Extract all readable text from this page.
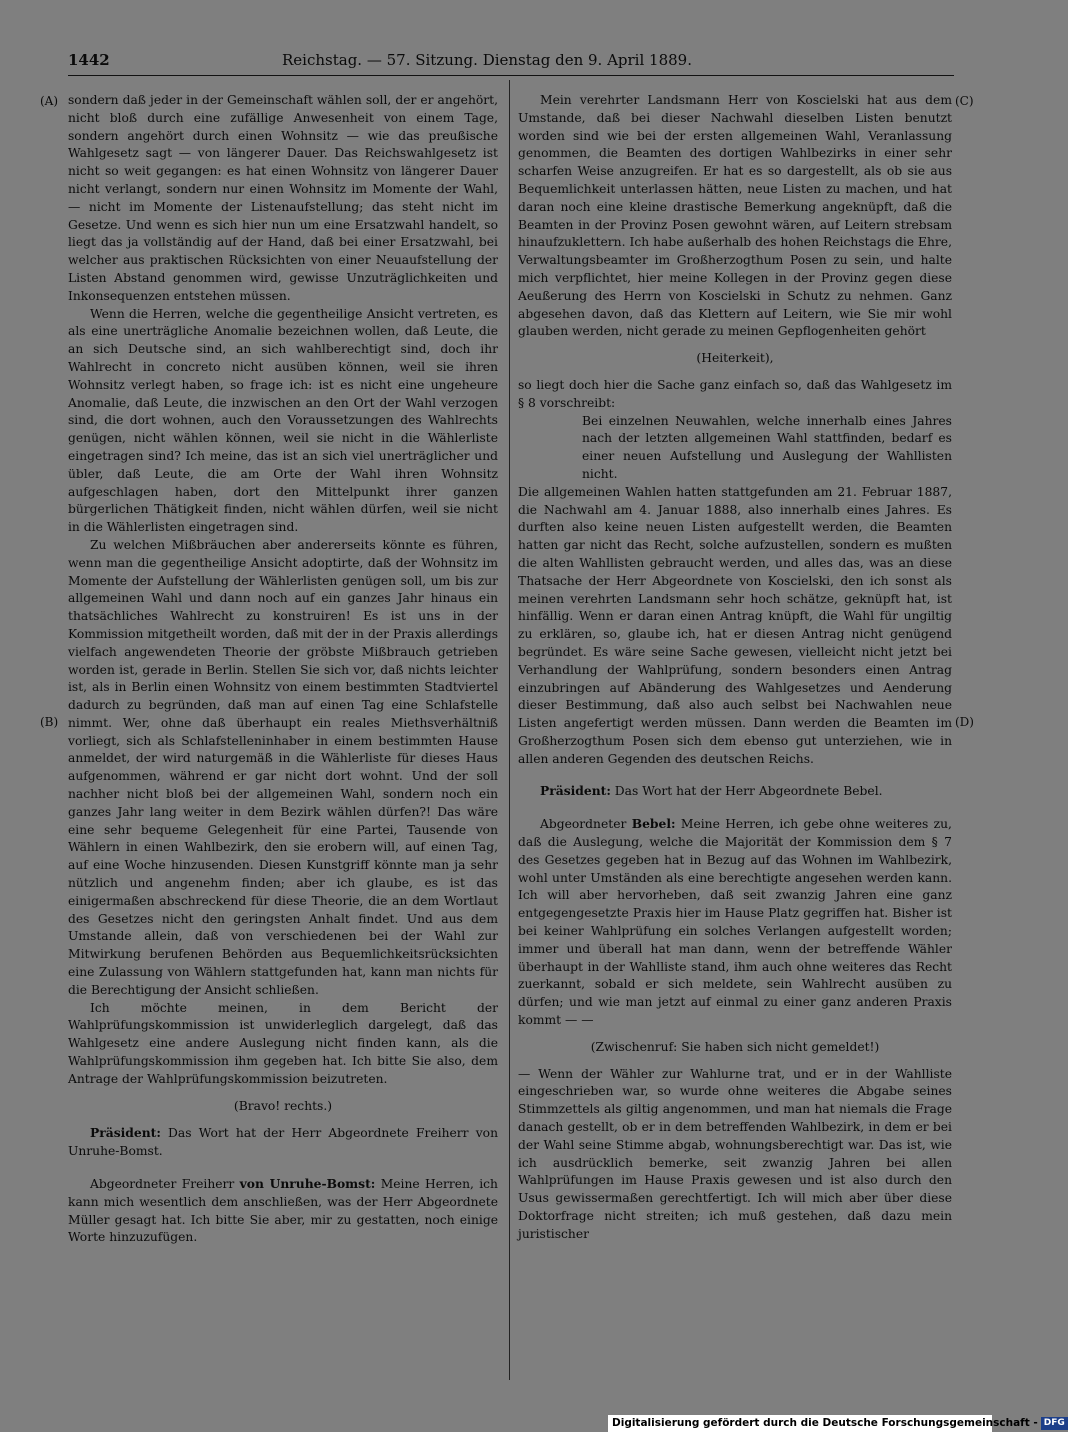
1442	Reichstag. — 57. Sitzung. Dienstag den 9. April 1889.
(A)
(B)
(C)
(D)

sondern daß jeder in der Gemeinschaft wählen soll, der er angehört, nicht bloß durch eine zufällige Anwesenheit von einem Tage, sondern angehört durch einen Wohnsitz — wie das preußische Wahlgesetz sagt — von längerer Dauer. Das Reichswahlgesetz ist nicht so weit gegangen: es hat einen Wohnsitz von längerer Dauer nicht verlangt, sondern nur einen Wohnsitz im Momente der Wahl, — nicht im Momente der Listenaufstellung; das steht nicht im Gesetze. Und wenn es sich hier nun um eine Ersatzwahl handelt, so liegt das ja vollständig auf der Hand, daß bei einer Ersatzwahl, bei welcher aus praktischen Rücksichten von einer Neuaufstellung der Listen Abstand genommen wird, gewisse Unzuträglichkeiten und Inkonsequenzen entstehen müssen.

Wenn die Herren, welche die gegentheilige Ansicht vertreten, es als eine unerträgliche Anomalie bezeichnen wollen, daß Leute, die an sich Deutsche sind, an sich wahlberechtigt sind, doch ihr Wahlrecht in concreto nicht ausüben können, weil sie ihren Wohnsitz verlegt haben, so frage ich: ist es nicht eine ungeheure Anomalie, daß Leute, die inzwischen an den Ort der Wahl verzogen sind, die dort wohnen, auch den Voraussetzungen des Wahlrechts genügen, nicht wählen können, weil sie nicht in die Wählerliste eingetragen sind? Ich meine, das ist an sich viel unerträglicher und übler, daß Leute, die am Orte der Wahl ihren Wohnsitz aufgeschlagen haben, dort den Mittelpunkt ihrer ganzen bürgerlichen Thätigkeit finden, nicht wählen dürfen, weil sie nicht in die Wählerlisten eingetragen sind.

Zu welchen Mißbräuchen aber andererseits könnte es führen, wenn man die gegentheilige Ansicht adoptirte, daß der Wohnsitz im Momente der Aufstellung der Wählerlisten genügen soll, um bis zur allgemeinen Wahl und dann noch auf ein ganzes Jahr hinaus ein thatsächliches Wahlrecht zu konstruiren! Es ist uns in der Kommission mitgetheilt worden, daß mit der in der Praxis allerdings vielfach angewendeten Theorie der gröbste Mißbrauch getrieben worden ist, gerade in Berlin. Stellen Sie sich vor, daß nichts leichter ist, als in Berlin einen Wohnsitz von einem bestimmten Stadtviertel dadurch zu begründen, daß man auf einen Tag eine Schlafstelle nimmt. Wer, ohne daß überhaupt ein reales Miethsverhältniß vorliegt, sich als Schlafstelleninhaber in einem bestimmten Hause anmeldet, der wird naturgemäß in die Wählerliste für dieses Haus aufgenommen, während er gar nicht dort wohnt. Und der soll nachher nicht bloß bei der allgemeinen Wahl, sondern noch ein ganzes Jahr lang weiter in dem Bezirk wählen dürfen?! Das wäre eine sehr bequeme Gelegenheit für eine Partei, Tausende von Wählern in einen Wahlbezirk, den sie erobern will, auf einen Tag, auf eine Woche hinzusenden. Diesen Kunstgriff könnte man ja sehr nützlich und angenehm finden; aber ich glaube, es ist das einigermaßen abschreckend für diese Theorie, die an dem Wortlaut des Gesetzes nicht den geringsten Anhalt findet. Und aus dem Umstande allein, daß von verschiedenen bei der Wahl zur Mitwirkung berufenen Behörden aus Bequemlichkeitsrücksichten eine Zulassung von Wählern stattgefunden hat, kann man nichts für die Berechtigung der Ansicht schließen.

Ich möchte meinen, in dem Bericht der Wahlprüfungskommission ist unwiderleglich dargelegt, daß das Wahlgesetz eine andere Auslegung nicht finden kann, als die Wahlprüfungskommission ihm gegeben hat. Ich bitte Sie also, dem Antrage der Wahlprüfungskommission beizutreten.

(Bravo! rechts.)

Präsident: Das Wort hat der Herr Abgeordnete Freiherr von Unruhe-Bomst.

Abgeordneter Freiherr von Unruhe-Bomst: Meine Herren, ich kann mich wesentlich dem anschließen, was der Herr Abgeordnete Müller gesagt hat. Ich bitte Sie aber, mir zu gestatten, noch einige Worte hinzuzufügen.

Mein verehrter Landsmann Herr von Koscielski hat aus dem Umstande, daß bei dieser Nachwahl dieselben Listen benutzt worden sind wie bei der ersten allgemeinen Wahl, Veranlassung genommen, die Beamten des dortigen Wahlbezirks in einer sehr scharfen Weise anzugreifen. Er hat es so dargestellt, als ob sie aus Bequemlichkeit unterlassen hätten, neue Listen zu machen, und hat daran noch eine kleine drastische Bemerkung angeknüpft, daß die Beamten in der Provinz Posen gewohnt wären, auf Leitern strebsam hinaufzuklettern. Ich habe außerhalb des hohen Reichstags die Ehre, Verwaltungsbeamter im Großherzogthum Posen zu sein, und halte mich verpflichtet, hier meine Kollegen in der Provinz gegen diese Aeußerung des Herrn von Koscielski in Schutz zu nehmen. Ganz abgesehen davon, daß das Klettern auf Leitern, wie Sie mir wohl glauben werden, nicht gerade zu meinen Gepflogenheiten gehört

(Heiterkeit),

so liegt doch hier die Sache ganz einfach so, daß das Wahlgesetz im § 8 vorschreibt:

Bei einzelnen Neuwahlen, welche innerhalb eines Jahres nach der letzten allgemeinen Wahl stattfinden, bedarf es einer neuen Aufstellung und Auslegung der Wahllisten nicht.

Die allgemeinen Wahlen hatten stattgefunden am 21. Februar 1887, die Nachwahl am 4. Januar 1888, also innerhalb eines Jahres. Es durften also keine neuen Listen aufgestellt werden, die Beamten hatten gar nicht das Recht, solche aufzustellen, sondern es mußten die alten Wahllisten gebraucht werden, und alles das, was an diese Thatsache der Herr Abgeordnete von Koscielski, den ich sonst als meinen verehrten Landsmann sehr hoch schätze, geknüpft hat, ist hinfällig. Wenn er daran einen Antrag knüpft, die Wahl für ungiltig zu erklären, so, glaube ich, hat er diesen Antrag nicht genügend begründet. Es wäre seine Sache gewesen, vielleicht nicht jetzt bei Verhandlung der Wahlprüfung, sondern besonders einen Antrag einzubringen auf Abänderung des Wahlgesetzes und Aenderung dieser Bestimmung, daß also auch selbst bei Nachwahlen neue Listen angefertigt werden müssen. Dann werden die Beamten im Großherzogthum Posen sich dem ebenso gut unterziehen, wie in allen anderen Gegenden des deutschen Reichs.

Präsident: Das Wort hat der Herr Abgeordnete Bebel.

Abgeordneter Bebel: Meine Herren, ich gebe ohne weiteres zu, daß die Auslegung, welche die Majorität der Kommission dem § 7 des Gesetzes gegeben hat in Bezug auf das Wohnen im Wahlbezirk, wohl unter Umständen als eine berechtigte angesehen werden kann. Ich will aber hervorheben, daß seit zwanzig Jahren eine ganz entgegengesetzte Praxis hier im Hause Platz gegriffen hat. Bisher ist bei keiner Wahlprüfung ein solches Verlangen aufgestellt worden; immer und überall hat man dann, wenn der betreffende Wähler überhaupt in der Wahlliste stand, ihm auch ohne weiteres das Recht zuerkannt, sobald er sich meldete, sein Wahlrecht ausüben zu dürfen; und wie man jetzt auf einmal zu einer ganz anderen Praxis kommt — —

(Zwischenruf: Sie haben sich nicht gemeldet!)

— Wenn der Wähler zur Wahlurne trat, und er in der Wahlliste eingeschrieben war, so wurde ohne weiteres die Abgabe seines Stimmzettels als giltig angenommen, und man hat niemals die Frage danach gestellt, ob er in dem betreffenden Wahlbezirk, in dem er bei der Wahl seine Stimme abgab, wohnungsberechtigt war. Das ist, wie ich ausdrücklich bemerke, seit zwanzig Jahren bei allen Wahlprüfungen im Hause Praxis gewesen und ist also durch den Usus gewissermaßen gerechtfertigt. Ich will mich aber über diese Doktorfrage nicht streiten; ich muß gestehen, daß dazu mein juristischer

Digitalisierung gefördert durch die Deutsche Forschungsgemeinschaft - DFG
